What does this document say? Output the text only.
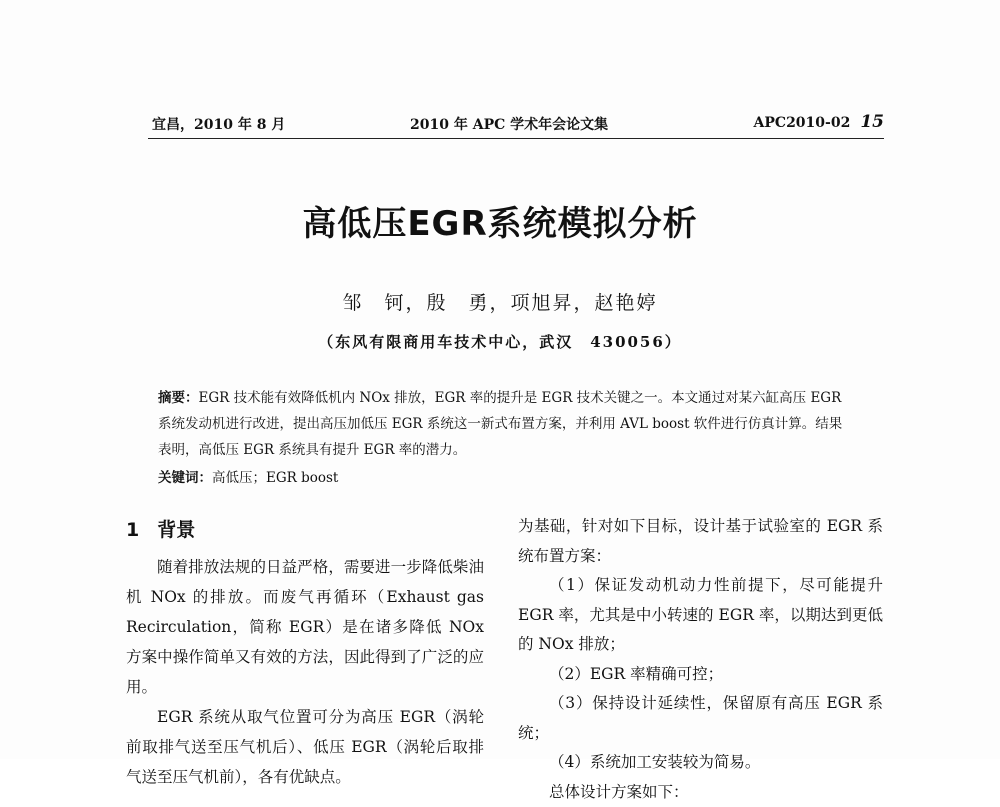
宜昌，2010 年 8 月	2010 年 APC 学术年会论文集	APC2010-02 15
高低压EGR系统模拟分析
邹　钶，殷　勇，项旭昇，赵艳婷
（东风有限商用车技术中心，武汉　430056）
摘要：EGR 技术能有效降低机内 NOx 排放，EGR 率的提升是 EGR 技术关键之一。本文通过对某六缸高压 EGR 系统发动机进行改进，提出高压加低压 EGR 系统这一新式布置方案，并利用 AVL boost 软件进行仿真计算。结果表明，高低压 EGR 系统具有提升 EGR 率的潜力。
关键词：高低压；EGR boost
1 背景

随着排放法规的日益严格，需要进一步降低柴油机 NOx 的排放。而废气再循环（Exhaust gas Recirculation，简称 EGR）是在诸多降低 NOx 方案中操作简单又有效的方法，因此得到了广泛的应用。

EGR 系统从取气位置可分为高压 EGR（涡轮前取排气送至压气机后）、低压 EGR（涡轮后取排气送至压气机前），各有优缺点。

为基础，针对如下目标，设计基于试验室的 EGR 系统布置方案：

（1）保证发动机动力性前提下，尽可能提升 EGR 率，尤其是中小转速的 EGR 率，以期达到更低的 NOx 排放；

（2）EGR 率精确可控；

（3）保持设计延续性，保留原有高压 EGR 系统；

（4）系统加工安装较为简易。

总体设计方案如下：
